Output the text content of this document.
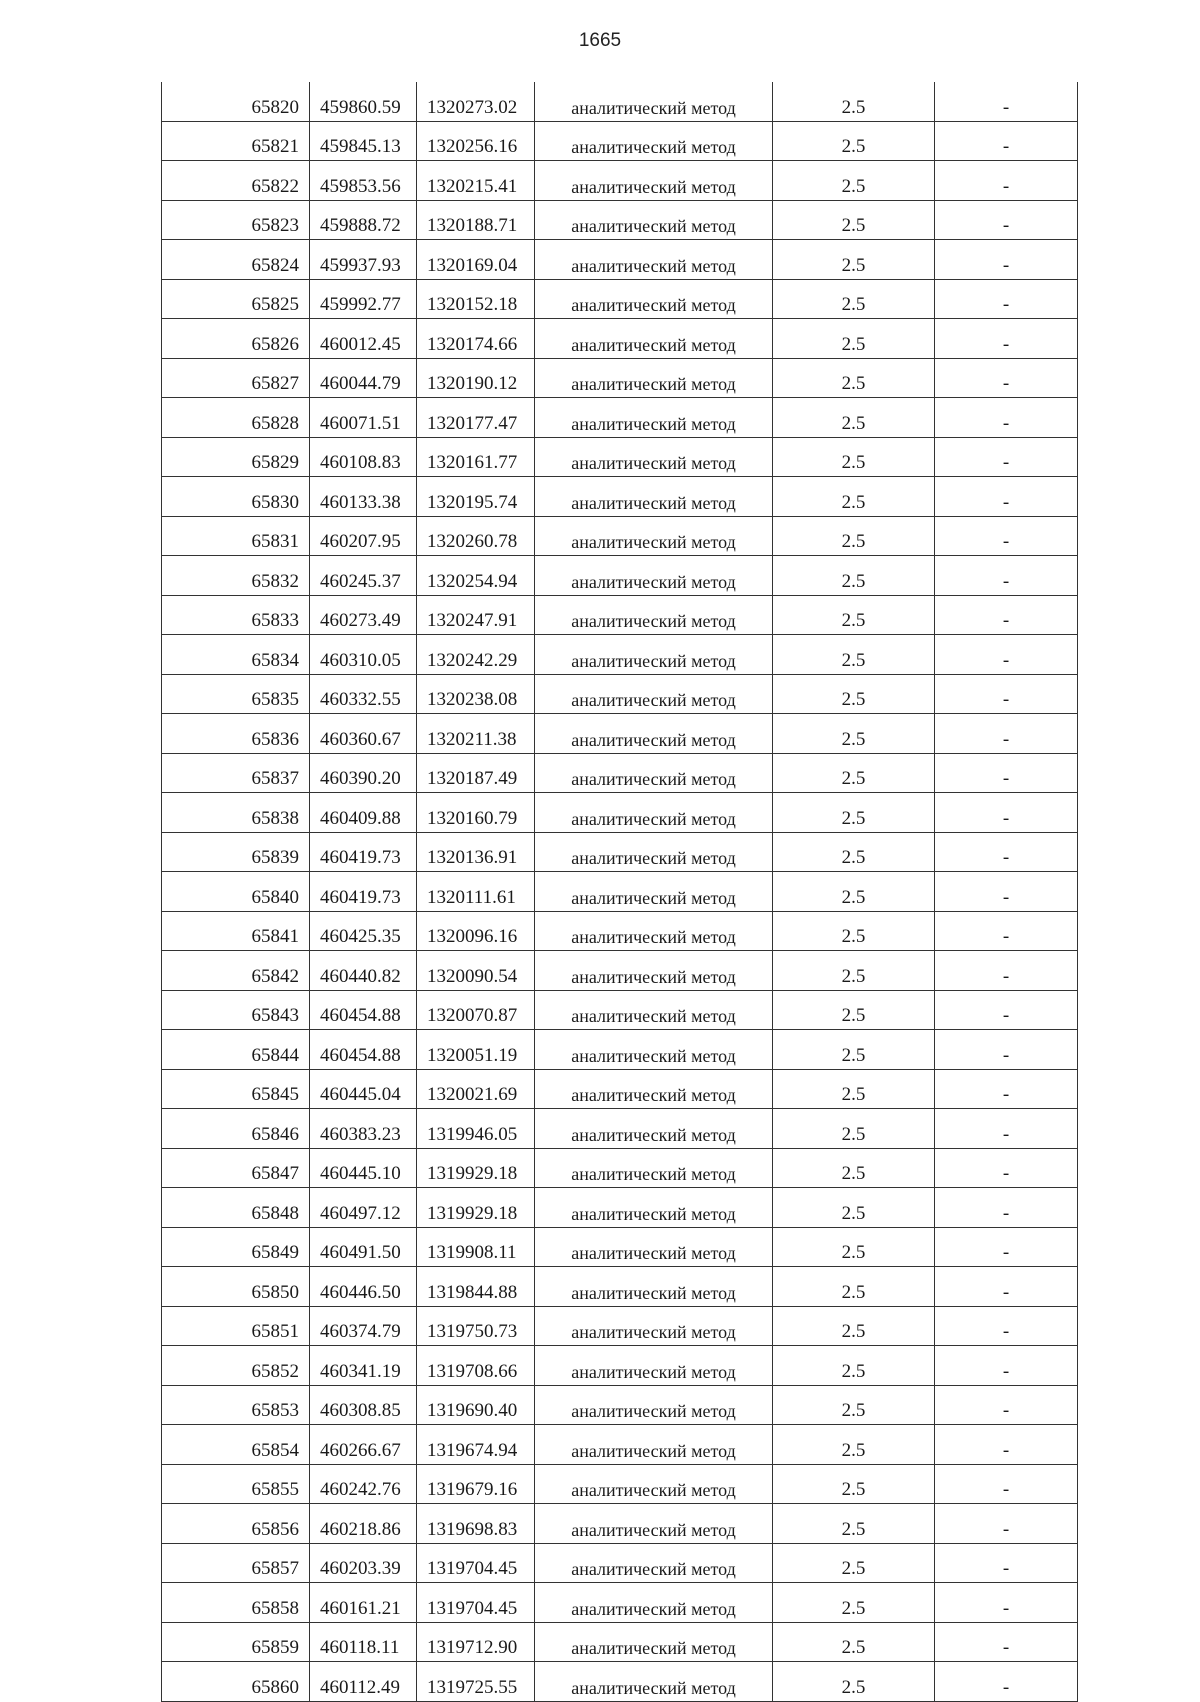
1665
65820	459860.59	1320273.02	аналитический метод	2.5	-
65821	459845.13	1320256.16	аналитический метод	2.5	-
65822	459853.56	1320215.41	аналитический метод	2.5	-
65823	459888.72	1320188.71	аналитический метод	2.5	-
65824	459937.93	1320169.04	аналитический метод	2.5	-
65825	459992.77	1320152.18	аналитический метод	2.5	-
65826	460012.45	1320174.66	аналитический метод	2.5	-
65827	460044.79	1320190.12	аналитический метод	2.5	-
65828	460071.51	1320177.47	аналитический метод	2.5	-
65829	460108.83	1320161.77	аналитический метод	2.5	-
65830	460133.38	1320195.74	аналитический метод	2.5	-
65831	460207.95	1320260.78	аналитический метод	2.5	-
65832	460245.37	1320254.94	аналитический метод	2.5	-
65833	460273.49	1320247.91	аналитический метод	2.5	-
65834	460310.05	1320242.29	аналитический метод	2.5	-
65835	460332.55	1320238.08	аналитический метод	2.5	-
65836	460360.67	1320211.38	аналитический метод	2.5	-
65837	460390.20	1320187.49	аналитический метод	2.5	-
65838	460409.88	1320160.79	аналитический метод	2.5	-
65839	460419.73	1320136.91	аналитический метод	2.5	-
65840	460419.73	1320111.61	аналитический метод	2.5	-
65841	460425.35	1320096.16	аналитический метод	2.5	-
65842	460440.82	1320090.54	аналитический метод	2.5	-
65843	460454.88	1320070.87	аналитический метод	2.5	-
65844	460454.88	1320051.19	аналитический метод	2.5	-
65845	460445.04	1320021.69	аналитический метод	2.5	-
65846	460383.23	1319946.05	аналитический метод	2.5	-
65847	460445.10	1319929.18	аналитический метод	2.5	-
65848	460497.12	1319929.18	аналитический метод	2.5	-
65849	460491.50	1319908.11	аналитический метод	2.5	-
65850	460446.50	1319844.88	аналитический метод	2.5	-
65851	460374.79	1319750.73	аналитический метод	2.5	-
65852	460341.19	1319708.66	аналитический метод	2.5	-
65853	460308.85	1319690.40	аналитический метод	2.5	-
65854	460266.67	1319674.94	аналитический метод	2.5	-
65855	460242.76	1319679.16	аналитический метод	2.5	-
65856	460218.86	1319698.83	аналитический метод	2.5	-
65857	460203.39	1319704.45	аналитический метод	2.5	-
65858	460161.21	1319704.45	аналитический метод	2.5	-
65859	460118.11	1319712.90	аналитический метод	2.5	-
65860	460112.49	1319725.55	аналитический метод	2.5	-
